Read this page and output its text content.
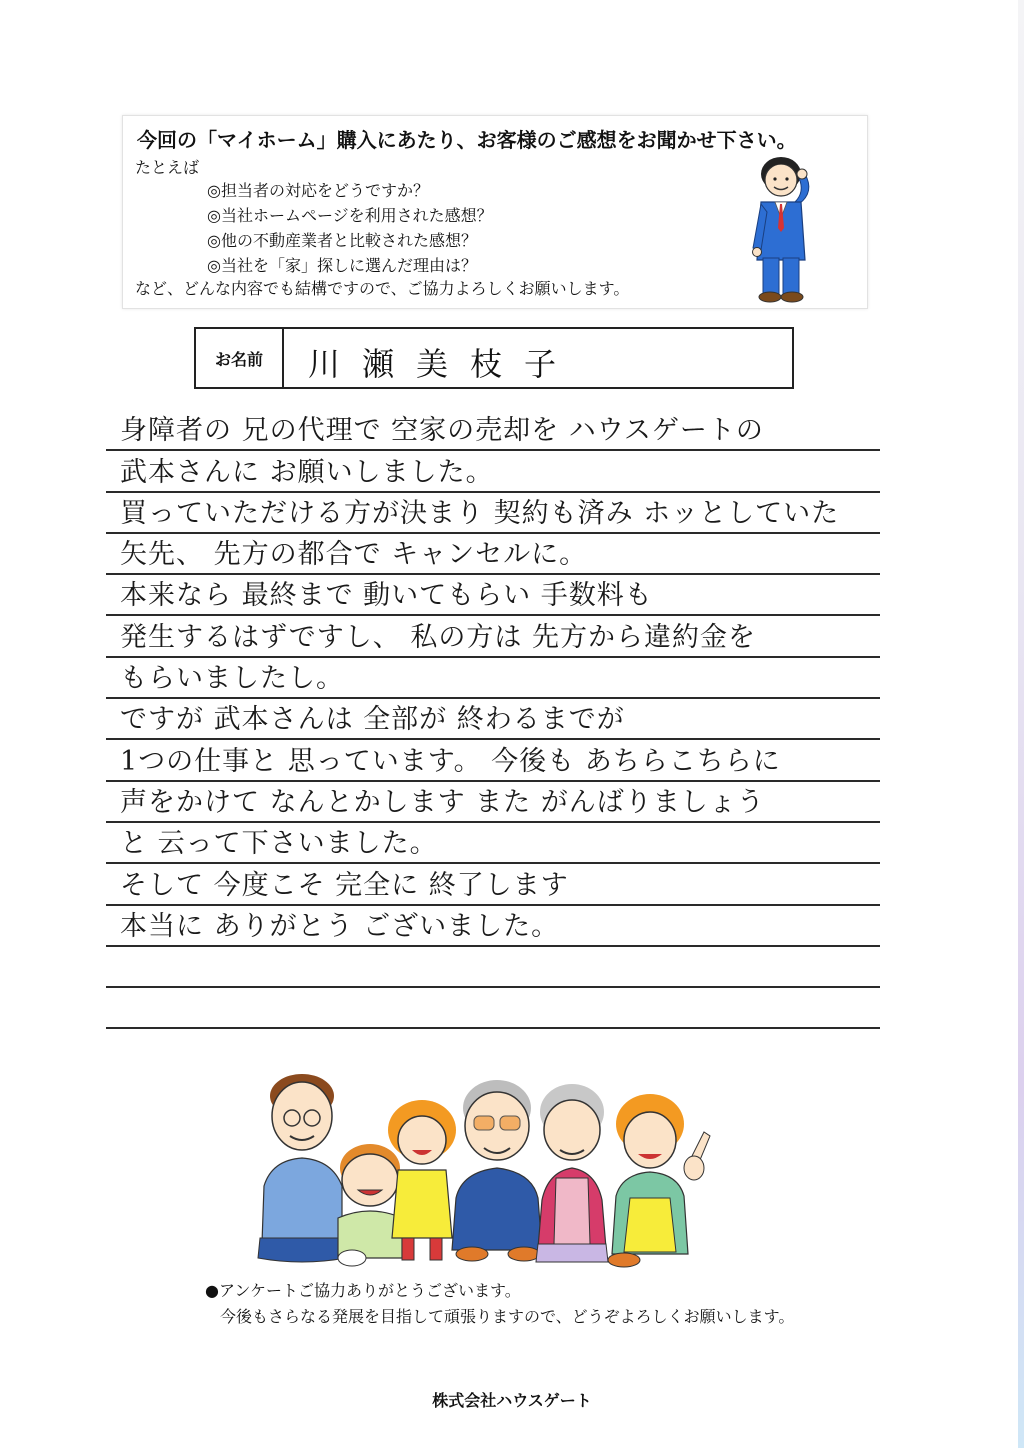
今回の「マイホーム」購入にあたり、お客様のご感想をお聞かせ下さい。
たとえば
◎担当者の対応をどうですか？
◎当社ホームページを利用された感想？
◎他の不動産業者と比較された感想？
◎当社を「家」探しに選んだ理由は？
など、どんな内容でも結構ですので、ご協力よろしくお願いします。
お名前	川瀬美枝子
身障者の 兄の代理で 空家の売却を ハウスゲートの
武本さんに お願いしました。
買っていただける方が決まり 契約も済み ホッとしていた
矢先、 先方の都合で キャンセルに。
本来なら 最終まで 動いてもらい 手数料も
発生するはずですし、 私の方は 先方から違約金を
もらいましたし。
ですが 武本さんは 全部が 終わるまでが
1つの仕事と 思っています。 今後も あちらこちらに
声をかけて なんとかします また がんばりましょう
と 云って下さいました。
そして 今度こそ 完全に 終了します
本当に ありがとう ございました。
●アンケートご協力ありがとうございます。
今後もさらなる発展を目指して頑張りますので、どうぞよろしくお願いします。
株式会社ハウスゲート
